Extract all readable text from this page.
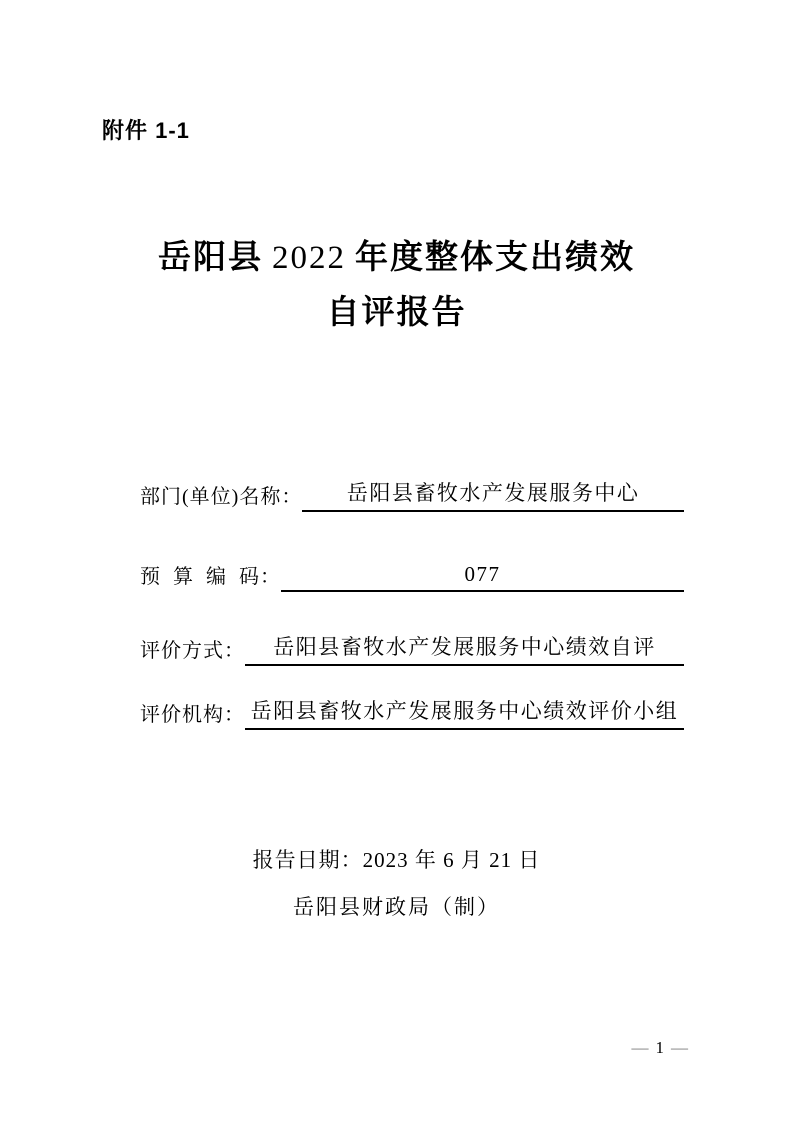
附件 1-1
岳阳县 2022 年度整体支出绩效
自评报告
部门(单位)名称：	岳阳县畜牧水产发展服务中心
预 算 编 码：	077
评价方式：	岳阳县畜牧水产发展服务中心绩效自评
评价机构： 岳阳县畜牧水产发展服务中心绩效评价小组
报告日期：2023 年 6 月 21 日
岳阳县财政局（制）
— 1 —
